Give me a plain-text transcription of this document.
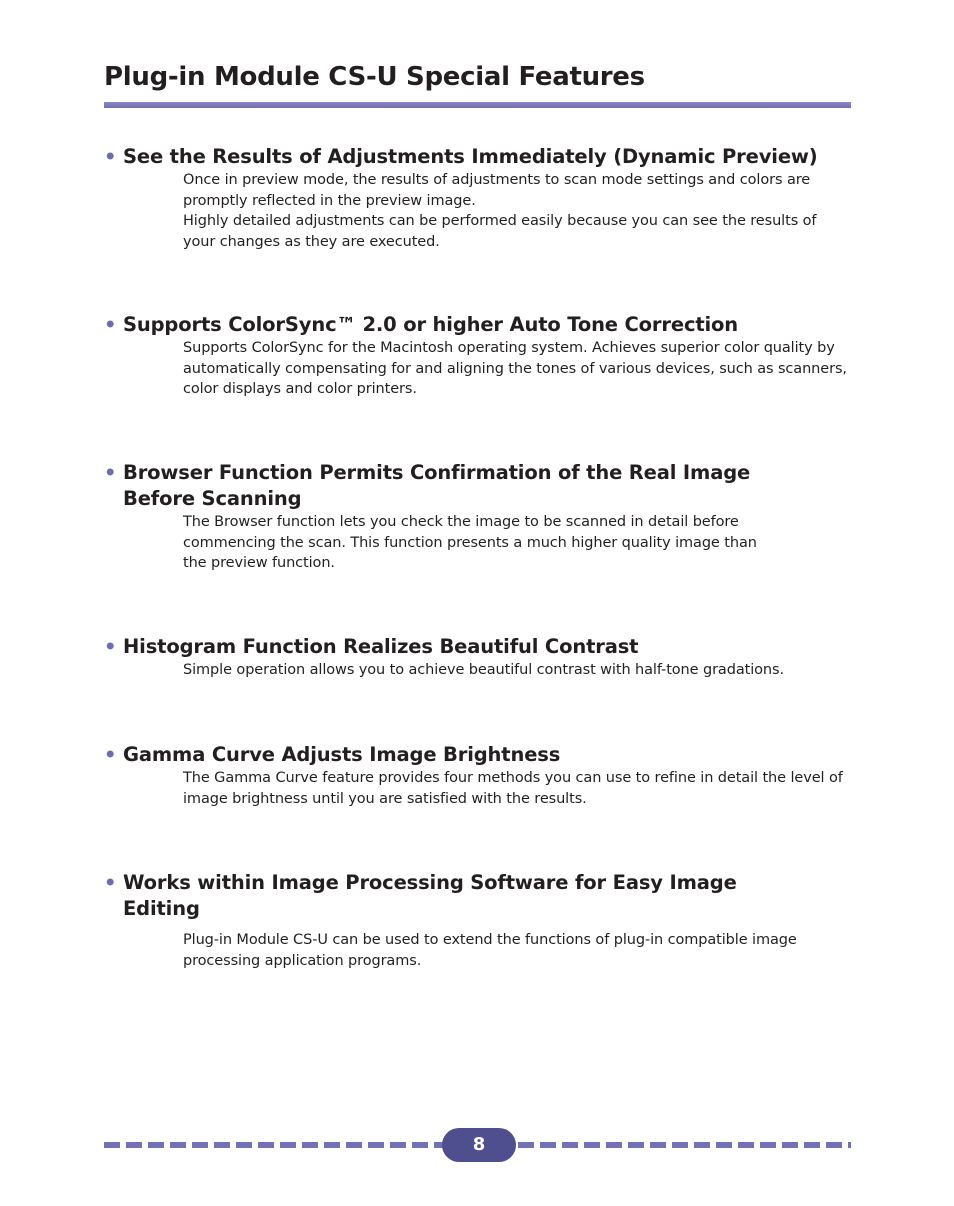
Plug-in Module CS-U Special Features
• See the Results of Adjustments Immediately (Dynamic Preview)

Once in preview mode, the results of adjustments to scan mode settings and colors are promptly reflected in the preview image.

Highly detailed adjustments can be performed easily because you can see the results of your changes as they are executed.

• Supports ColorSync™ 2.0 or higher Auto Tone Correction

Supports ColorSync for the Macintosh operating system. Achieves superior color quality by automatically compensating for and aligning the tones of various devices, such as scanners, color displays and color printers.

• Browser Function Permits Confirmation of the Real Image Before Scanning

The Browser function lets you check the image to be scanned in detail before commencing the scan. This function presents a much higher quality image than the preview function.

• Histogram Function Realizes Beautiful Contrast

Simple operation allows you to achieve beautiful contrast with half-tone gradations.

• Gamma Curve Adjusts Image Brightness

The Gamma Curve feature provides four methods you can use to refine in detail the level of image brightness until you are satisfied with the results.

• Works within Image Processing Software for Easy Image Editing

Plug-in Module CS-U can be used to extend the functions of plug-in compatible image processing application programs.

8
